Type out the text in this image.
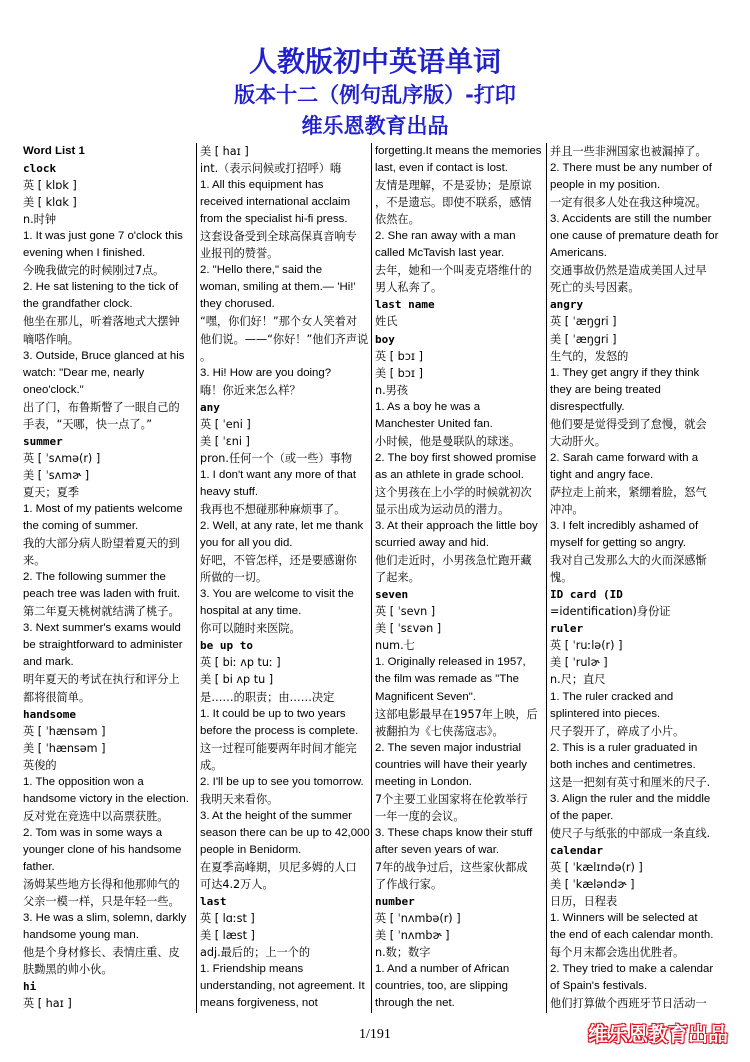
人教版初中英语单词
版本十二（例句乱序版）-打印
维乐恩教育出品
Word List 1
clock
英 [ klɒk ]
美 [ klɑk ]
n.时钟
1. It was just gone 7 o'clock this
evening when I finished.
今晚我做完的时候刚过7点。
2. He sat listening to the tick of
the grandfather clock.
他坐在那儿，听着落地式大摆钟
嘀嗒作响。
3. Outside, Bruce glanced at his
watch: "Dear me, nearly
oneo'clock."
出了门，布鲁斯瞥了一眼自己的
手表，“天哪，快一点了。”
summer
英 [ ˈsʌmə(r) ]
美 [ ˈsʌmɚ ]
夏天；夏季
1. Most of my patients welcome
the coming of summer.
我的大部分病人盼望着夏天的到
来。
2. The following summer the
peach tree was laden with fruit.
第二年夏天桃树就结满了桃子。
3. Next summer's exams would
be straightforward to administer
and mark.
明年夏天的考试在执行和评分上
都将很简单。
handsome
英 [ ˈhænsəm ]
美 [ ˈhænsəm ]
英俊的
1. The opposition won a
handsome victory in the election.
反对党在竞选中以高票获胜。
2. Tom was in some ways a
younger clone of his handsome
father.
汤姆某些地方长得和他那帅气的
父亲一模一样，只是年轻一些。
3. He was a slim, solemn, darkly
handsome young man.
他是个身材修长、表情庄重、皮
肤黝黑的帅小伙。
hi
英 [ haɪ ]
美 [ haɪ ]
int.（表示问候或打招呼）嗨
1. All this equipment has
received international acclaim
from the specialist hi-fi press.
这套设备受到全球高保真音响专
业报刊的赞誉。
2. "Hello there," said the
woman, smiling at them.— 'Hi!'
they chorused.
“嘿，你们好！”那个女人笑着对
他们说。——“你好！”他们齐声说
。
3. Hi! How are you doing?
嗨！你近来怎么样？
any
英 [ ˈeni ]
美 [ ˈɛni ]
pron.任何一个（或一些）事物
1. I don't want any more of that
heavy stuff.
我再也不想碰那种麻烦事了。
2. Well, at any rate, let me thank
you for all you did.
好吧，不管怎样，还是要感谢你
所做的一切。
3. You are welcome to visit the
hospital at any time.
你可以随时来医院。
be up to
英 [ biː ʌp tuː ]
美 [ bi ʌp tu ]
是……的职责；由……决定
1. It could be up to two years
before the process is complete.
这一过程可能要两年时间才能完
成。
2. I'll be up to see you tomorrow.
我明天来看你。
3. At the height of the summer
season there can be up to 42,000
people in Benidorm.
在夏季高峰期，贝尼多姆的人口
可达4.2万人。
last
英 [ lɑːst ]
美 [ læst ]
adj.最后的；上一个的
1. Friendship means
understanding, not agreement. It
means forgiveness, not
forgetting.It means the memories
last, even if contact is lost.
友情是理解，不是妥协；是原谅
，不是遗忘。即使不联系，感情
依然在。
2. She ran away with a man
called McTavish last year.
去年，她和一个叫麦克塔维什的
男人私奔了。
last name
姓氏
boy
英 [ bɔɪ ]
美 [ bɔɪ ]
n.男孩
1. As a boy he was a
Manchester United fan.
小时候，他是曼联队的球迷。
2. The boy first showed promise
as an athlete in grade school.
这个男孩在上小学的时候就初次
显示出成为运动员的潜力。
3. At their approach the little boy
scurried away and hid.
他们走近时，小男孩急忙跑开藏
了起来。
seven
英 [ ˈsevn ]
美 [ ˈsɛvən ]
num.七
1. Originally released in 1957,
the film was remade as "The
Magnificent Seven".
这部电影最早在1957年上映，后
被翻拍为《七侠荡寇志》。
2. The seven major industrial
countries will have their yearly
meeting in London.
7个主要工业国家将在伦敦举行
一年一度的会议。
3. These chaps know their stuff
after seven years of war.
7年的战争过后，这些家伙都成
了作战行家。
number
英 [ ˈnʌmbə(r) ]
美 [ ˈnʌmbɚ ]
n.数；数字
1. And a number of African
countries, too, are slipping
through the net.
并且一些非洲国家也被漏掉了。
2. There must be any number of
people in my position.
一定有很多人处在我这种境况。
3. Accidents are still the number
one cause of premature death for
Americans.
交通事故仍然是造成美国人过早
死亡的头号因素。
angry
英 [ ˈæŋgri ]
美 [ ˈæŋgri ]
生气的，发怒的
1. They get angry if they think
they are being treated
disrespectfully.
他们要是觉得受到了怠慢，就会
大动肝火。
2. Sarah came forward with a
tight and angry face.
萨拉走上前来，紧绷着脸，怒气
冲冲。
3. I felt incredibly ashamed of
myself for getting so angry.
我对自己发那么大的火而深感惭
愧。
ID card (ID
=identification)身份证
ruler
英 [ ˈruːlə(r) ]
美 [ ˈrulɚ ]
n.尺；直尺
1. The ruler cracked and
splintered into pieces.
尺子裂开了，碎成了小片。
2. This is a ruler graduated in
both inches and centimetres.
这是一把刻有英寸和厘米的尺子.
3. Align the ruler and the middle
of the paper.
使尺子与纸张的中部成一条直线.
calendar
英 [ ˈkælɪndə(r) ]
美 [ ˈkæləndɚ ]
日历，日程表
1. Winners will be selected at
the end of each calendar month.
每个月末都会选出优胜者。
2. They tried to make a calendar
of Spain's festivals.
他们打算做个西班牙节日活动一
1/191	维乐恩教育出品
